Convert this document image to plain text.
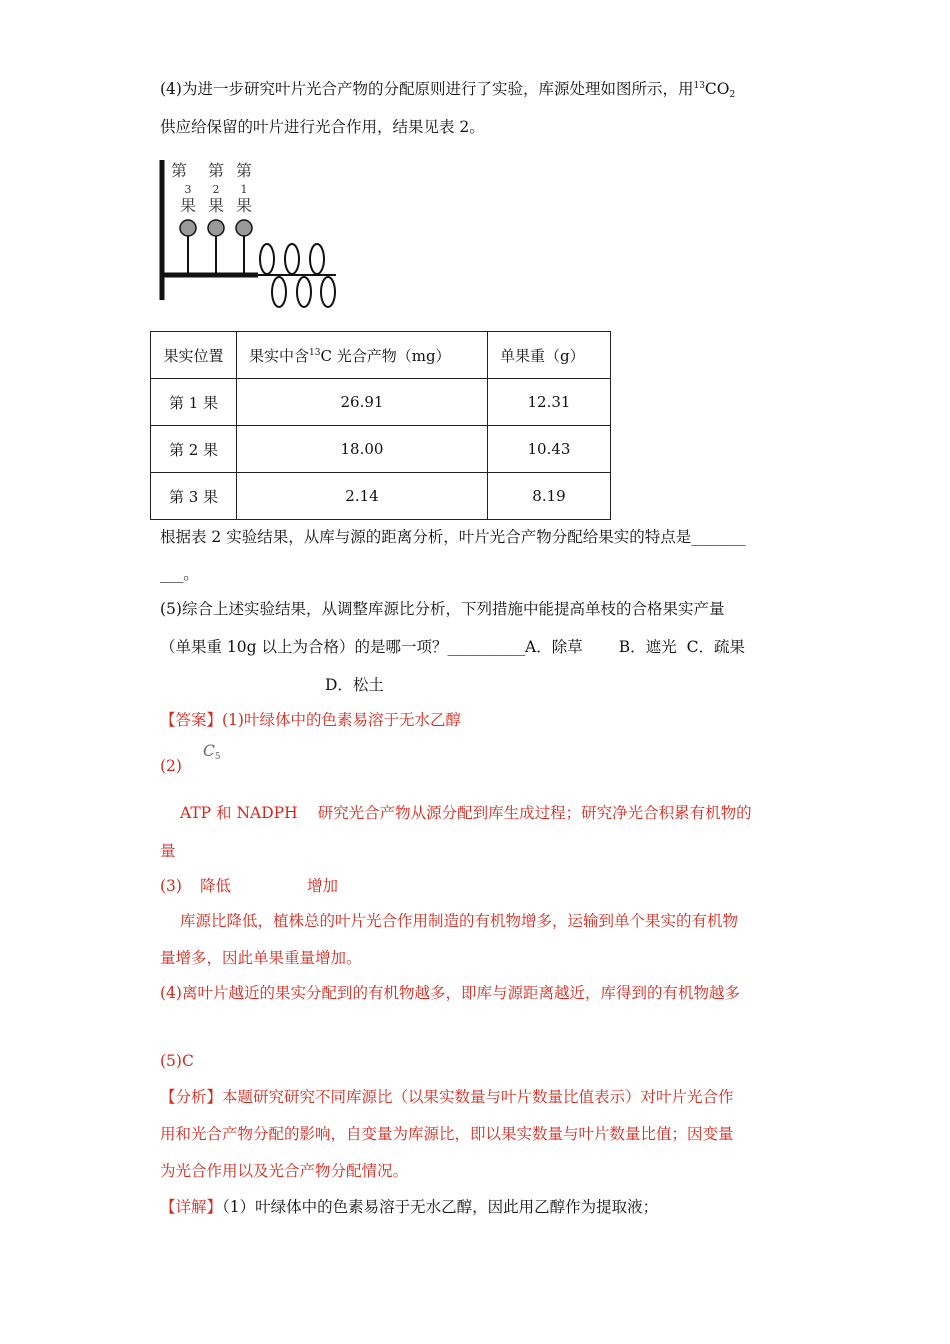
(4)为进一步研究叶片光合产物的分配原则进行了实验，库源处理如图所示，用$^{13}CO_2$
供应给保留的叶片进行光合作用，结果见表 2。
第 第 第
3 2 1
果 果 果
果实位置	果实中含$^{13}$C 光合产物（mg）	单果重（g）
第 1 果	26.91	12.31
第 2 果	18.00	10.43
第 3 果	2.14	8.19
根据表 2 实验结果，从库与源的距离分析，叶片光合产物分配给果实的特点是_______
___。
(5)综合上述实验结果，从调整库源比分析，下列措施中能提高单枝的合格果实产量
（单果重 10g 以上为合格）的是哪一项？__________A．除草 B．遮光 C．疏果
D．松土
【答案】(1)叶绿体中的色素易溶于无水乙醇
(2)
$C_5$
ATP 和 NADPH 研究光合产物从源分配到库生成过程；研究净光合积累有机物的
量
(3) 降低	增加
库源比降低，植株总的叶片光合作用制造的有机物增多，运输到单个果实的有机物
量增多，因此单果重量增加。
(4)离叶片越近的果实分配到的有机物越多，即库与源距离越近，库得到的有机物越多
(5)C
【分析】本题研究研究不同库源比（以果实数量与叶片数量比值表示）对叶片光合作
用和光合产物分配的影响，自变量为库源比，即以果实数量与叶片数量比值；因变量
为光合作用以及光合产物分配情况。
【详解】（1）叶绿体中的色素易溶于无水乙醇，因此用乙醇作为提取液；
